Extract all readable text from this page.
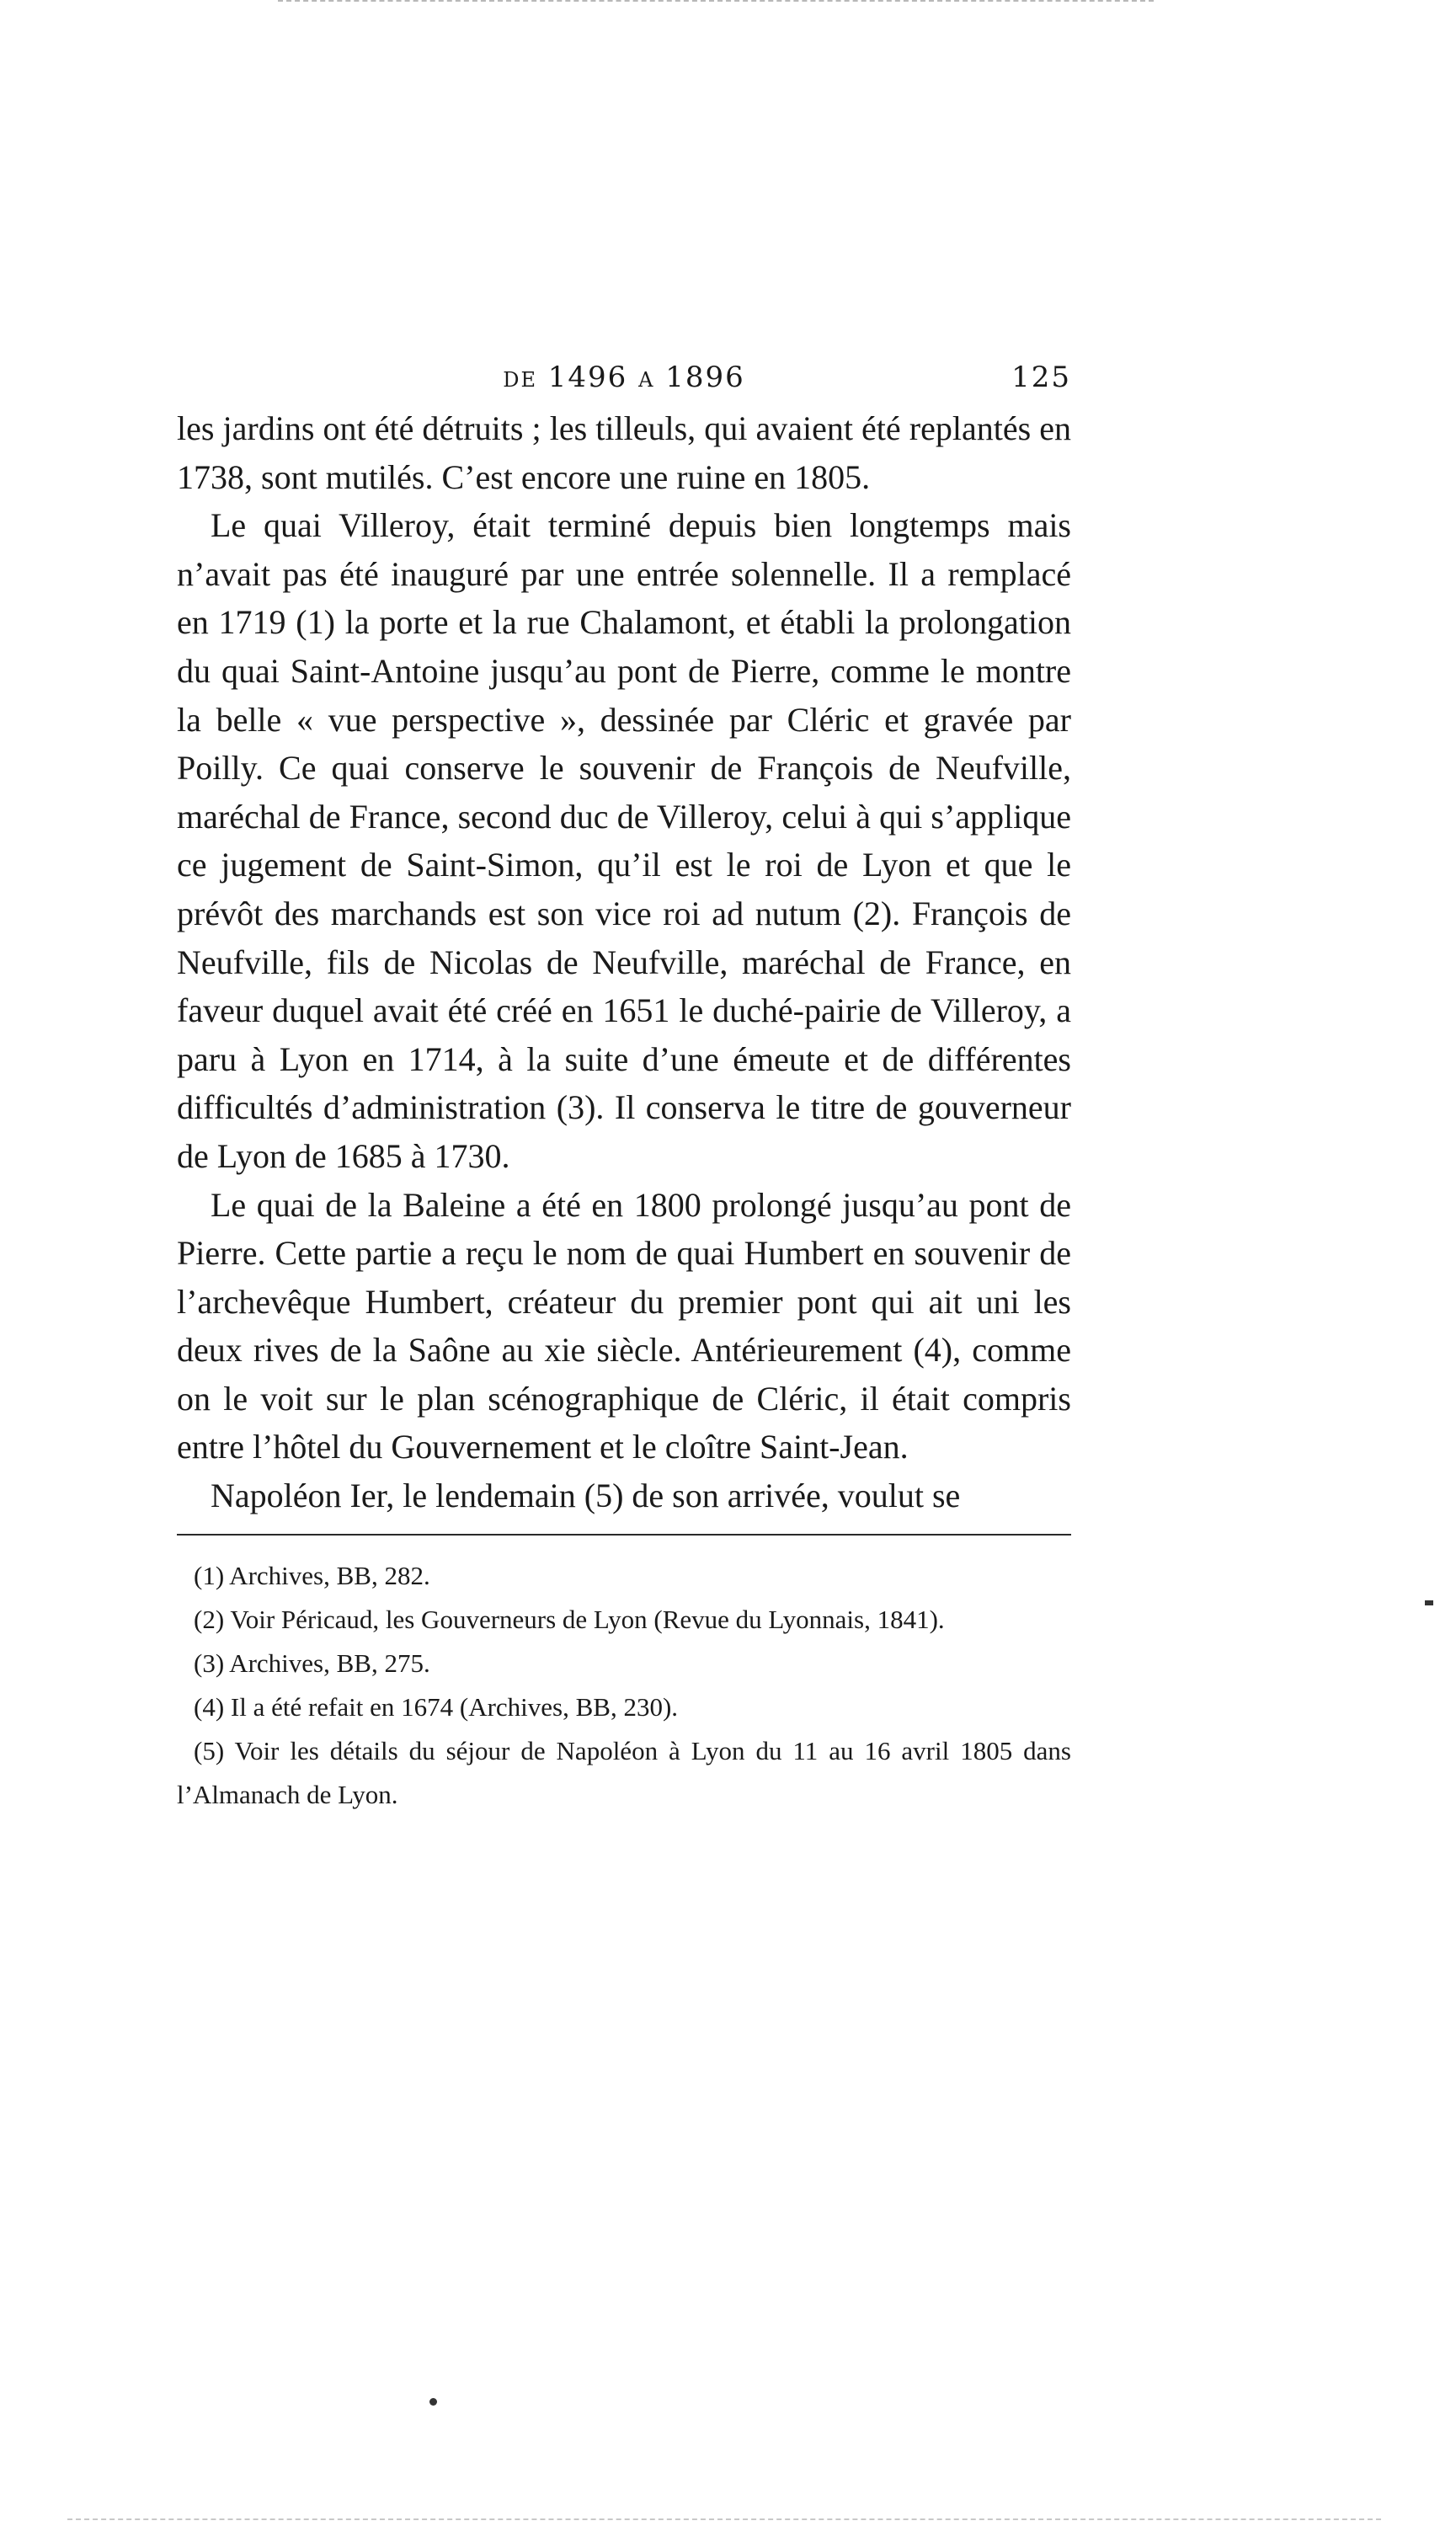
de 1496 a 1896	125

les jardins ont été détruits ; les tilleuls, qui avaient été replantés en 1738, sont mutilés. C’est encore une ruine en 1805.

Le quai Villeroy, était terminé depuis bien longtemps mais n’avait pas été inauguré par une entrée solennelle. Il a remplacé en 1719 (1) la porte et la rue Chalamont, et établi la prolongation du quai Saint-Antoine jusqu’au pont de Pierre, comme le montre la belle « vue perspective », dessinée par Cléric et gravée par Poilly. Ce quai conserve le souvenir de François de Neufville, maréchal de France, second duc de Villeroy, celui à qui s’applique ce jugement de Saint-Simon, qu’il est le roi de Lyon et que le prévôt des marchands est son vice roi ad nutum (2). François de Neufville, fils de Nicolas de Neufville, maréchal de France, en faveur duquel avait été créé en 1651 le duché-pairie de Villeroy, a paru à Lyon en 1714, à la suite d’une émeute et de différentes difficultés d’administration (3). Il conserva le titre de gouverneur de Lyon de 1685 à 1730.

Le quai de la Baleine a été en 1800 prolongé jusqu’au pont de Pierre. Cette partie a reçu le nom de quai Humbert en souvenir de l’archevêque Humbert, créateur du premier pont qui ait uni les deux rives de la Saône au xie siècle. Antérieurement (4), comme on le voit sur le plan scénographique de Cléric, il était compris entre l’hôtel du Gouvernement et le cloître Saint-Jean.

Napoléon Ier, le lendemain (5) de son arrivée, voulut se

(1) Archives, BB, 282.
(2) Voir Péricaud, les Gouverneurs de Lyon (Revue du Lyonnais, 1841).
(3) Archives, BB, 275.
(4) Il a été refait en 1674 (Archives, BB, 230).
(5) Voir les détails du séjour de Napoléon à Lyon du 11 au 16 avril 1805 dans l’Almanach de Lyon.
